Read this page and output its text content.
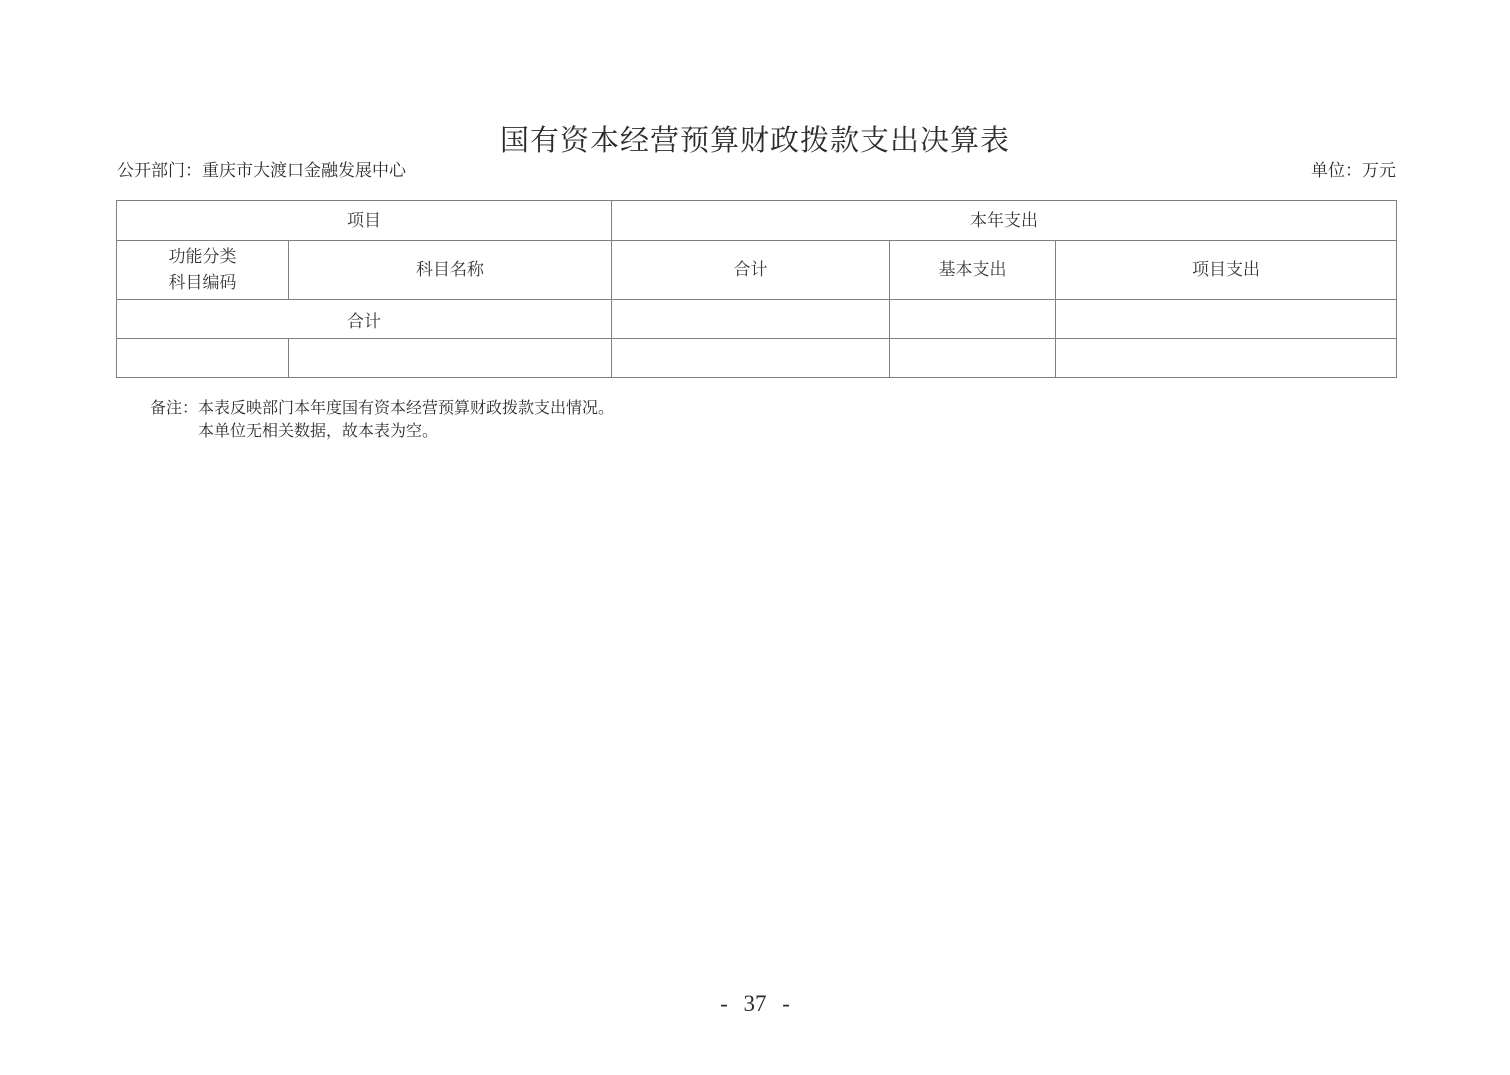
国有资本经营预算财政拨款支出决算表
公开部门：重庆市大渡口金融发展中心	单位：万元
项目		本年支出		

功能分类
科目编码	科目名称	合计	基本支出	项目支出
合计				

备注： 本表反映部门本年度国有资本经营预算财政拨款支出情况。
本单位无相关数据，故本表为空。
- 37 -
